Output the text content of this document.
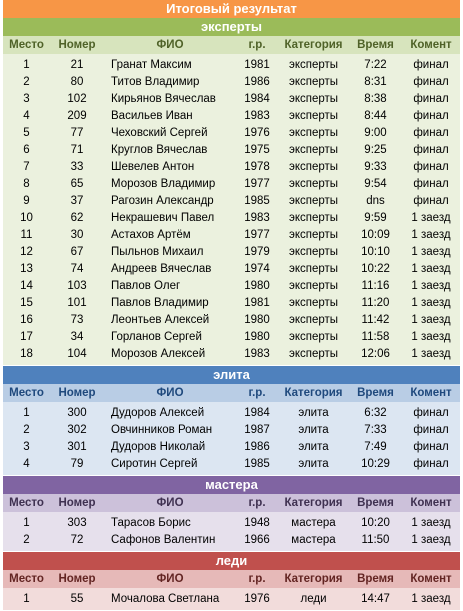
Итоговый результат
эксперты
Место	Номер	ФИО	г.р.	Категория	Время	Комент
1	21	Гранат Максим	1981	эксперты	7:22	финал
2	80	Титов Владимир	1986	эксперты	8:31	финал
3	102	Кирьянов Вячеслав	1984	эксперты	8:38	финал
4	209	Васильев Иван	1983	эксперты	8:44	финал
5	77	Чеховский Сергей	1976	эксперты	9:00	финал
6	71	Круглов Вячеслав	1975	эксперты	9:25	финал
7	33	Шевелев Антон	1978	эксперты	9:33	финал
8	65	Морозов Владимир	1977	эксперты	9:54	финал
9	37	Рагозин Александр	1985	эксперты	dns	финал
10	62	Некрашевич Павел	1983	эксперты	9:59	1 заезд
11	30	Астахов Артём	1977	эксперты	10:09	1 заезд
12	67	Пыльнов Михаил	1979	эксперты	10:10	1 заезд
13	74	Андреев Вячеслав	1974	эксперты	10:22	1 заезд
14	103	Павлов Олег	1980	эксперты	11:16	1 заезд
15	101	Павлов Владимир	1981	эксперты	11:20	1 заезд
16	73	Леонтьев Алексей	1980	эксперты	11:42	1 заезд
17	34	Горланов Сергей	1980	эксперты	11:58	1 заезд
18	104	Морозов Алексей	1983	эксперты	12:06	1 заезд
элита
Место	Номер	ФИО	г.р.	Категория	Время	Комент
1	300	Дудоров Алексей	1984	элита	6:32	финал
2	302	Овчинников Роман	1987	элита	7:33	финал
3	301	Дудоров Николай	1986	элита	7:49	финал
4	79	Сиротин Сергей	1985	элита	10:29	финал
мастера
Место	Номер	ФИО	г.р.	Категория	Время	Комент
1	303	Тарасов Борис	1948	мастера	10:20	1 заезд
2	72	Сафонов Валентин	1966	мастера	11:50	1 заезд
леди
Место	Номер	ФИО	г.р.	Категория	Время	Комент
1	55	Мочалова Светлана	1976	леди	14:47	1 заезд
